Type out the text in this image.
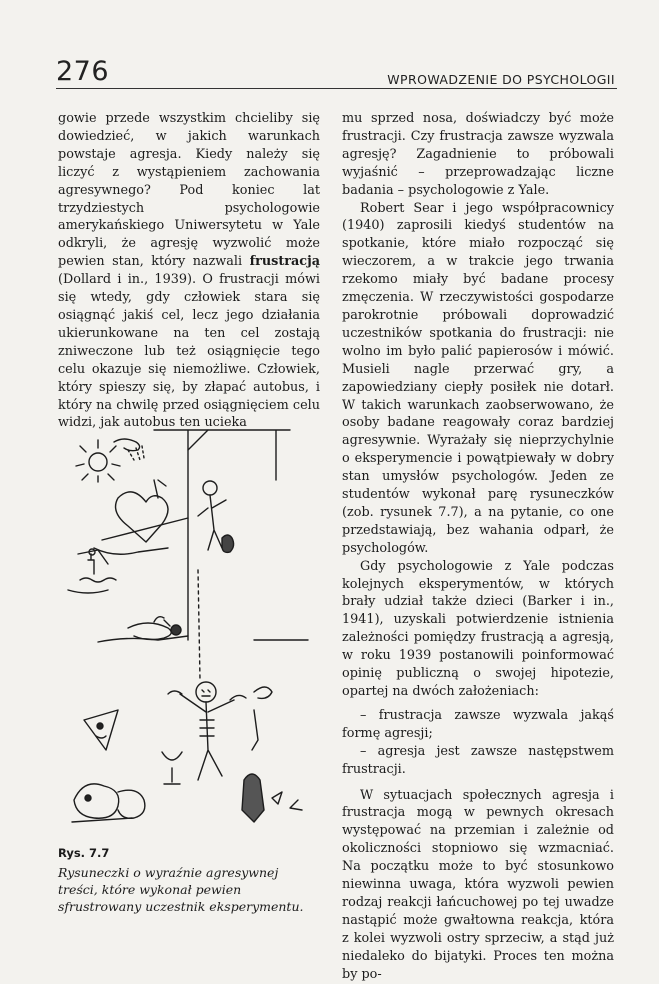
276	WPROWADZENIE DO PSYCHOLOGII

gowie przede wszystkim chcieliby się dowiedzieć, w jakich warunkach powstaje agresja. Kiedy należy się liczyć z wystąpieniem zachowania agresywnego? Pod koniec lat trzydziestych psychologowie amerykańskiego Uniwersytetu w Yale odkryli, że agresję wyzwolić może pewien stan, który nazwali frustracją (Dollard i in., 1939). O frustracji mówi się wtedy, gdy człowiek stara się osiągnąć jakiś cel, lecz jego działania ukierunkowane na ten cel zostają zniweczone lub też osiągnięcie tego celu okazuje się niemożliwe. Człowiek, który spieszy się, by złapać autobus, i który na chwilę przed osiągnięciem celu widzi, jak autobus ten ucieka

Rys. 7.7

Rysuneczki o wyraźnie agresywnej treści, które wykonał pewien sfrustrowany uczestnik eksperymentu.

mu sprzed nosa, doświadczy być może frustracji. Czy frustracja zawsze wyzwala agresję? Zagadnienie to próbowali wyjaśnić – przeprowadzając liczne badania – psychologowie z Yale.

Robert Sear i jego współpracownicy (1940) zaprosili kiedyś studentów na spotkanie, które miało rozpocząć się wieczorem, a w trakcie jego trwania rzekomo miały być badane procesy zmęczenia. W rzeczywistości gospodarze parokrotnie próbowali doprowadzić uczestników spotkania do frustracji: nie wolno im było palić papierosów i mówić. Musieli nagle przerwać gry, a zapowiedziany ciepły posiłek nie dotarł. W takich warunkach zaobserwowano, że osoby badane reagowały coraz bardziej agresywnie. Wyrażały się nieprzychylnie o eksperymencie i powątpiewały w dobry stan umysłów psychologów. Jeden ze studentów wykonał parę rysuneczków (zob. rysunek 7.7), a na pytanie, co one przedstawiają, bez wahania odparł, że psychologów.

Gdy psychologowie z Yale podczas kolejnych eksperymentów, w których brały udział także dzieci (Barker i in., 1941), uzyskali potwierdzenie istnienia zależności pomiędzy frustracją a agresją, w roku 1939 postanowili poinformować opinię publiczną o swojej hipotezie, opartej na dwóch założeniach:

– frustracja zawsze wyzwala jakąś formę agresji;

– agresja jest zawsze następstwem frustracji.

W sytuacjach społecznych agresja i frustracja mogą w pewnych okresach występować na przemian i zależnie od okoliczności stopniowo się wzmacniać. Na początku może to być stosunkowo niewinna uwaga, która wyzwoli pewien rodzaj reakcji łańcuchowej po tej uwadze nastąpić może gwałtowna reakcja, która z kolei wyzwoli ostry sprzeciw, a stąd już niedaleko do bijatyki. Proces ten można by po-
